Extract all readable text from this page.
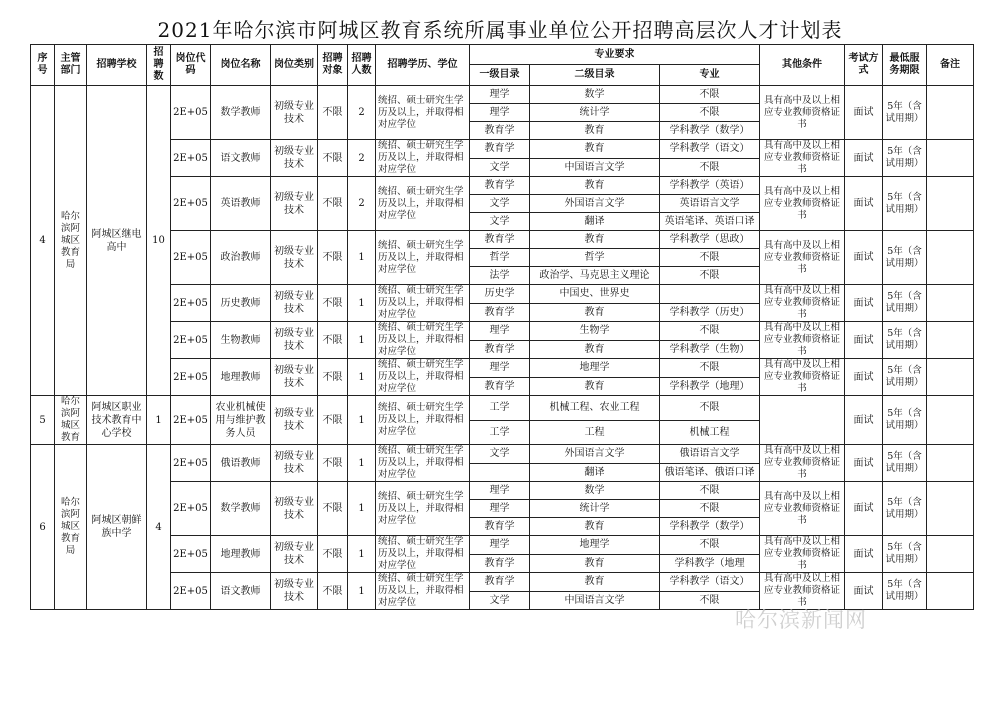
2021年哈尔滨市阿城区教育系统所属事业单位公开招聘高层次人才计划表
序号	主管部门	招聘学校	招聘数	岗位代码	岗位名称	岗位类别	招聘对象	招聘人数	招聘学历、学位	专业要求			其他条件	考试方式	最低服务期限	备注
										一级目录	二级目录	专业				
4	哈尔滨阿城区教育局	阿城区继电高中	10	2E+05	数学教师	初级专业技术	不限	2	统招、硕士研究生学历及以上，并取得相对应学位	理学	数学	不限	具有高中及以上相应专业教师资格证书	面试	5年（含试用期）	
										理学	统计学	不限				
										教育学	教育	学科教学（数学）				
				2E+05	语文教师	初级专业技术	不限	2	统招、硕士研究生学历及以上，并取得相对应学位	教育学	教育	学科教学（语文）	具有高中及以上相应专业教师资格证书	面试	5年（含试用期）	
										文学	中国语言文学	不限				
				2E+05	英语教师	初级专业技术	不限	2	统招、硕士研究生学历及以上，并取得相对应学位	教育学	教育	学科教学（英语）	具有高中及以上相应专业教师资格证书	面试	5年（含试用期）	
										文学	外国语言文学	英语语言文学				
										文学	翻译	英语笔译、英语口译				
				2E+05	政治教师	初级专业技术	不限	1	统招、硕士研究生学历及以上，并取得相对应学位	教育学	教育	学科教学（思政）	具有高中及以上相应专业教师资格证书	面试	5年（含试用期）	
										哲学	哲学	不限				
										法学	政治学、马克思主义理论	不限				
				2E+05	历史教师	初级专业技术	不限	1	统招、硕士研究生学历及以上，并取得相对应学位	历史学	中国史、世界史		具有高中及以上相应专业教师资格证书	面试	5年（含试用期）	
										教育学	教育	学科教学（历史）				
				2E+05	生物教师	初级专业技术	不限	1	统招、硕士研究生学历及以上，并取得相对应学位	理学	生物学	不限	具有高中及以上相应专业教师资格证书	面试	5年（含试用期）	
										教育学	教育	学科教学（生物）				
				2E+05	地理教师	初级专业技术	不限	1	统招、硕士研究生学历及以上，并取得相对应学位	理学	地理学	不限	具有高中及以上相应专业教师资格证书	面试	5年（含试用期）	
										教育学	教育	学科教学（地理）				
5	哈尔滨阿城区教育	阿城区职业技术教育中心学校	1	2E+05	农业机械使用与维护教务人员	初级专业技术	不限	1	统招、硕士研究生学历及以上，并取得相对应学位	工学	机械工程、农业工程	不限		面试	5年（含试用期）	
										工学	工程	机械工程				
6	哈尔滨阿城区教育局	阿城区朝鲜族中学	4	2E+05	俄语教师	初级专业技术	不限	1	统招、硕士研究生学历及以上，并取得相对应学位	文学	外国语言文学	俄语语言文学	具有高中及以上相应专业教师资格证书	面试	5年（含试用期）	
											翻译	俄语笔译、俄语口译				
				2E+05	数学教师	初级专业技术	不限	1	统招、硕士研究生学历及以上，并取得相对应学位	理学	数学	不限	具有高中及以上相应专业教师资格证书	面试	5年（含试用期）	
										理学	统计学	不限				
										教育学	教育	学科教学（数学）				
				2E+05	地理教师	初级专业技术	不限	1	统招、硕士研究生学历及以上，并取得相对应学位	理学	地理学	不限	具有高中及以上相应专业教师资格证书	面试	5年（含试用期）	
										教育学	教育	学科教学（地理				
				2E+05	语文教师	初级专业技术	不限	1	统招、硕士研究生学历及以上，并取得相对应学位	教育学	教育	学科教学（语文）	具有高中及以上相应专业教师资格证书	面试	5年（含试用期）	
										文学	中国语言文学	不限				
哈尔滨新闻网
